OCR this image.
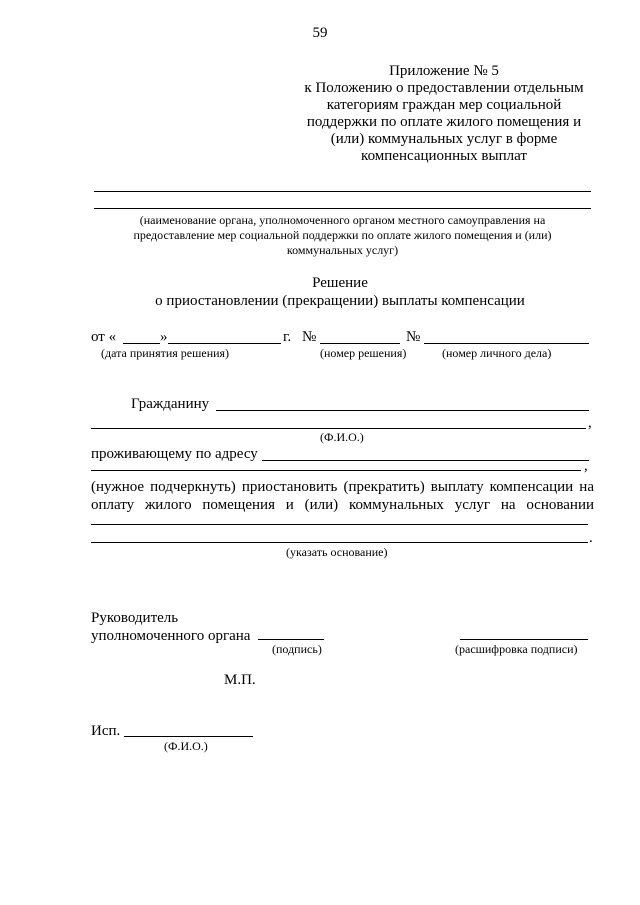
59
Приложение № 5
к Положению о предоставлении отдельным
категориям граждан мер социальной
поддержки по оплате жилого помещения и
(или) коммунальных услуг в форме
компенсационных выплат
(наименование органа, уполномоченного органом местного самоуправления на
предоставление мер социальной поддержки по оплате жилого помещения и (или)
коммунальных услуг)
Решение
о приостановлении (прекращении) выплаты компенсации
от «	»	г. №	№
(дата принятия решения)	(номер решения)	(номер личного дела)
Гражданину
,
(Ф.И.О.)
проживающему по адресу
,
(нужное подчеркнуть) приостановить (прекратить) выплату компенсации на
оплату жилого помещения и (или) коммунальных услуг на основании
.
(указать основание)
Руководитель
уполномоченного органа
(подпись)	(расшифровка подписи)
М.П.
Исп.
(Ф.И.О.)
